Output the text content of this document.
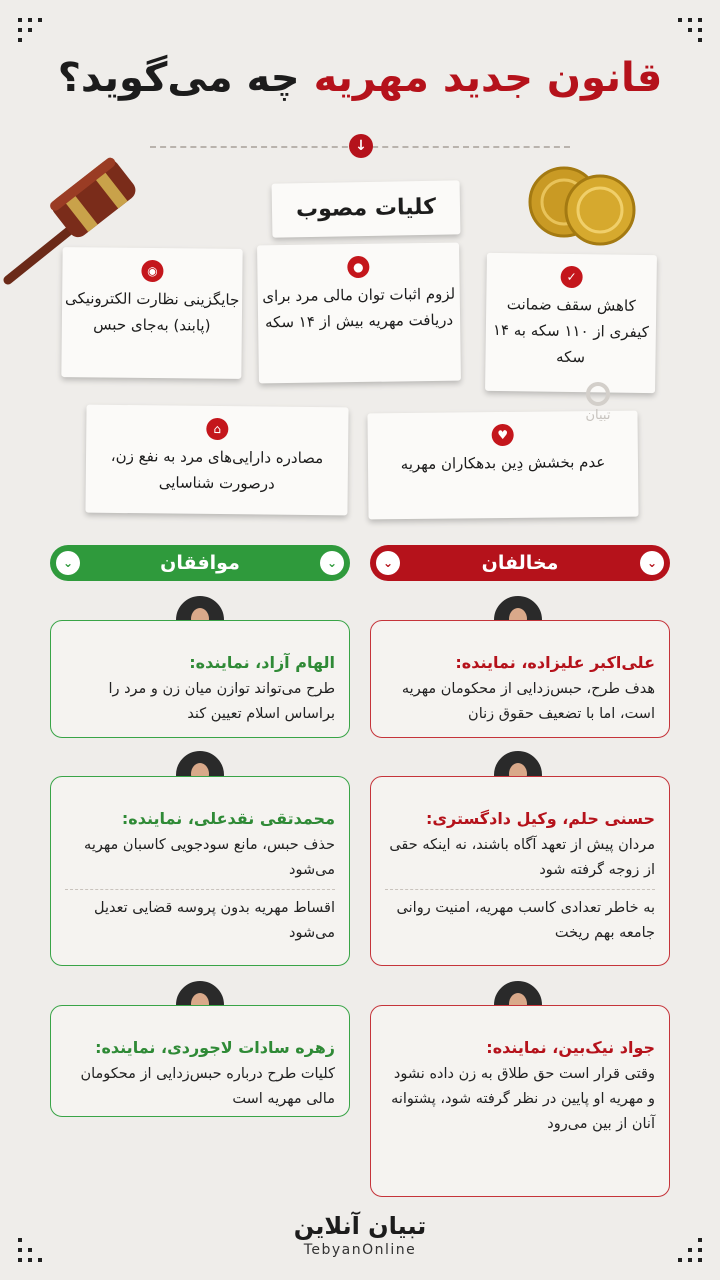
قانون جدید مهریه چه می‌گوید؟
↓
کلیات مصوب
✓
کاهش سقف ضمانت کیفری از ۱۱۰ سکه به ۱۴ سکه
●
لزوم اثبات توان مالی مرد برای دریافت مهریه بیش از ۱۴ سکه
◉
جایگزینی نظارت الکترونیکی (پابند) به‌جای حبس
♥
عدم بخشش دِین بدهکاران مهریه
⌂
مصادره دارایی‌های مرد به نفع زن، درصورت شناسایی
تبیان
مخالفان
⌄	⌄
موافقان
⌄	⌄
علی‌اکبر علیزاده، نماینده:
هدف طرح، حبس‌زدایی از محکومان مهریه است، اما با تضعیف حقوق زنان
حسنی حلم، وکیل دادگستری:
مردان پیش از تعهد آگاه باشند، نه اینکه حقی از زوجه گرفته شود
به خاطر تعدادی کاسب مهریه، امنیت روانی جامعه بهم ریخت
جواد نیک‌بین، نماینده:
وقتی قرار است حق طلاق به زن داده نشود و مهریه او پایین در نظر گرفته شود، پشتوانه آنان از بین می‌رود
الهام آزاد، نماینده:
طرح می‌تواند توازن میان زن و مرد را براساس اسلام تعیین کند
محمدتقی نقدعلی، نماینده:
حذف حبس، مانع سودجویی کاسبان مهریه می‌شود
اقساط مهریه بدون پروسه قضایی تعدیل می‌شود
زهره سادات لاجوردی، نماینده:
کلیات طرح درباره حبس‌زدایی از محکومان مالی مهریه است
تبیان آنلاین
TebyanOnline
